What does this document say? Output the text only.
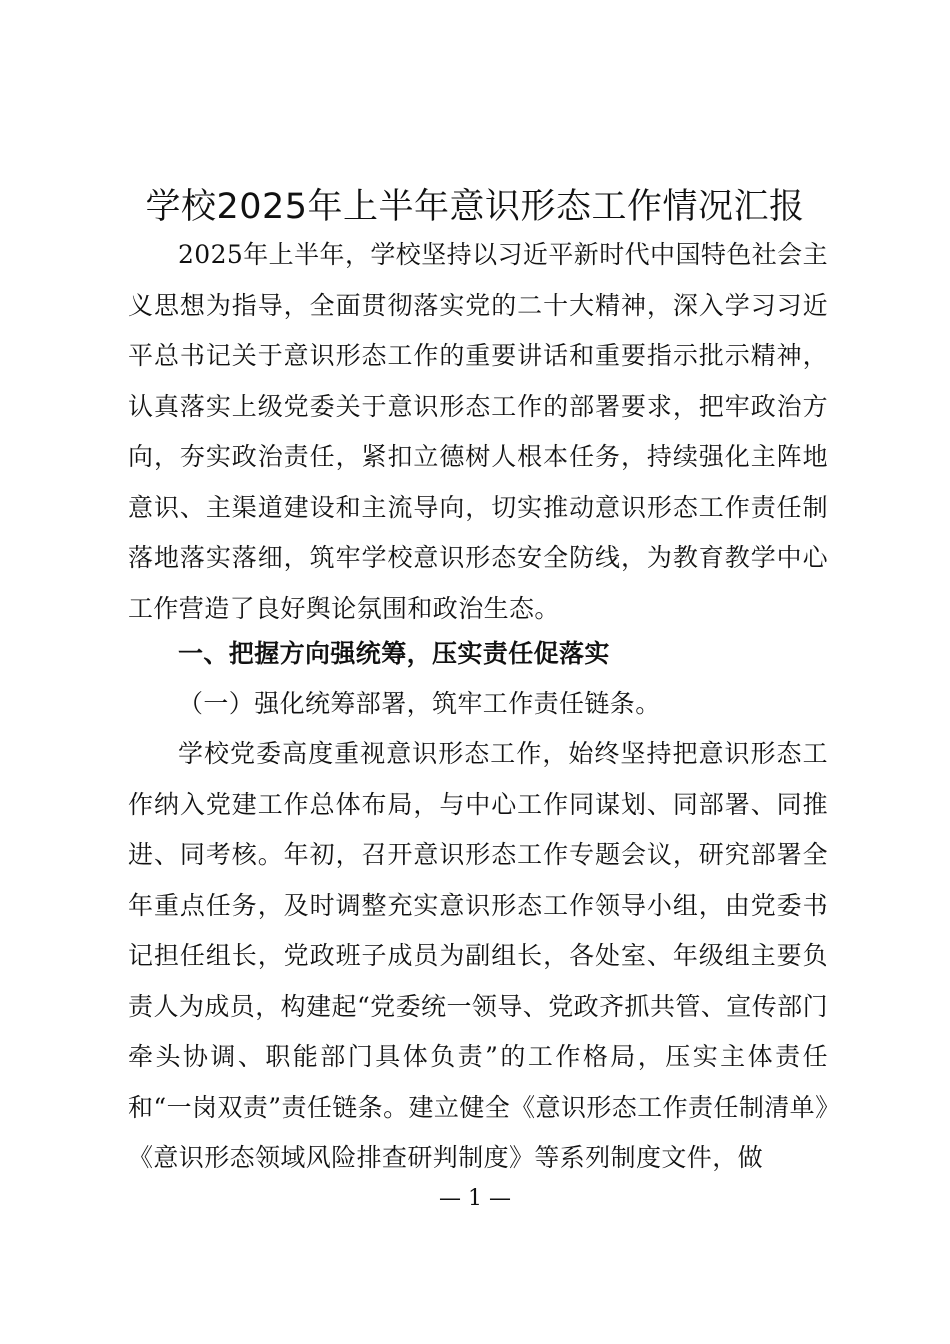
学校2025年上半年意识形态工作情况汇报

2025年上半年，学校坚持以习近平新时代中国特色社会主义思想为指导，全面贯彻落实党的二十大精神，深入学习习近平总书记关于意识形态工作的重要讲话和重要指示批示精神，认真落实上级党委关于意识形态工作的部署要求，把牢政治方向，夯实政治责任，紧扣立德树人根本任务，持续强化主阵地意识、主渠道建设和主流导向，切实推动意识形态工作责任制落地落实落细，筑牢学校意识形态安全防线，为教育教学中心工作营造了良好舆论氛围和政治生态。

一、把握方向强统筹，压实责任促落实

（一）强化统筹部署，筑牢工作责任链条。

学校党委高度重视意识形态工作，始终坚持把意识形态工作纳入党建工作总体布局，与中心工作同谋划、同部署、同推进、同考核。年初，召开意识形态工作专题会议，研究部署全年重点任务，及时调整充实意识形态工作领导小组，由党委书记担任组长，党政班子成员为副组长，各处室、年级组主要负责人为成员，构建起“党委统一领导、党政齐抓共管、宣传部门牵头协调、职能部门具体负责”的工作格局，压实主体责任和“一岗双责”责任链条。建立健全《意识形态工作责任制清单》《意识形态领域风险排查研判制度》等系列制度文件，做

— 1 —
